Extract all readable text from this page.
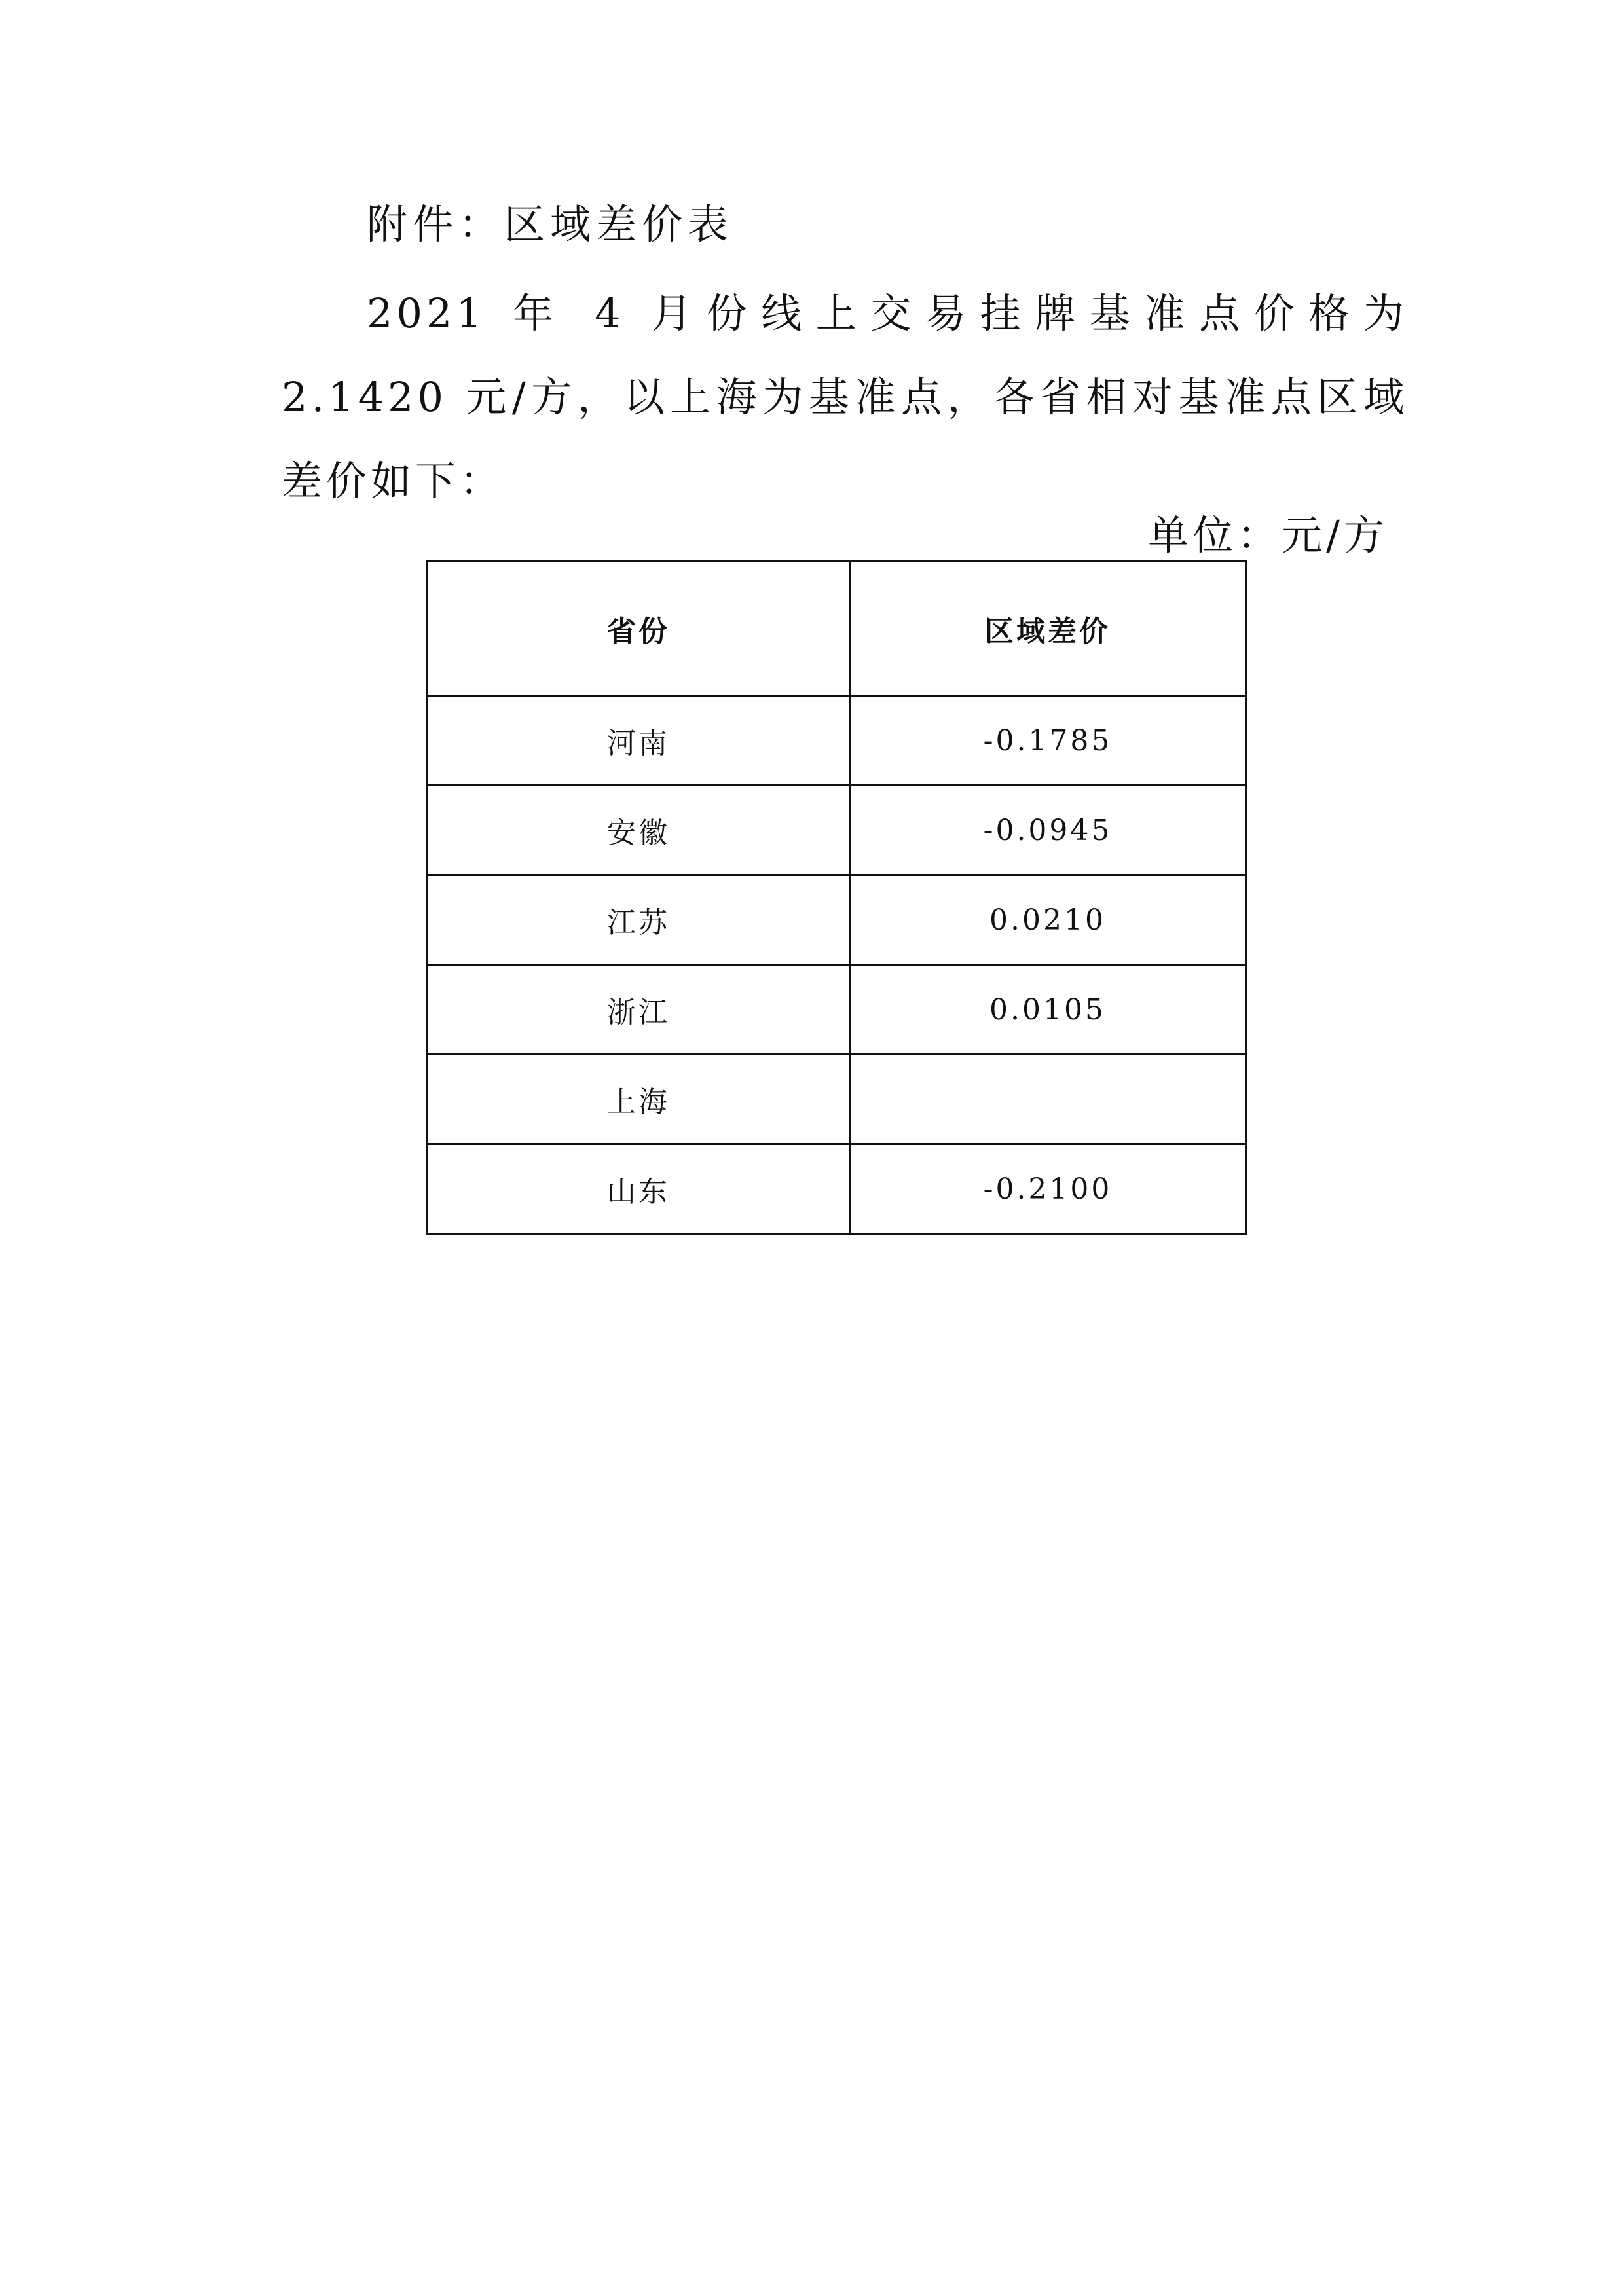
附件：区域差价表
2021 年 4 月份线上交易挂牌基准点价格为 2.1420 元/方，以上海为基准点，各省相对基准点区域差价如下：
单位：元/方
省份	区域差价
河南	-0.1785
安徽	-0.0945
江苏	0.0210
浙江	0.0105
上海	
山东	-0.2100
